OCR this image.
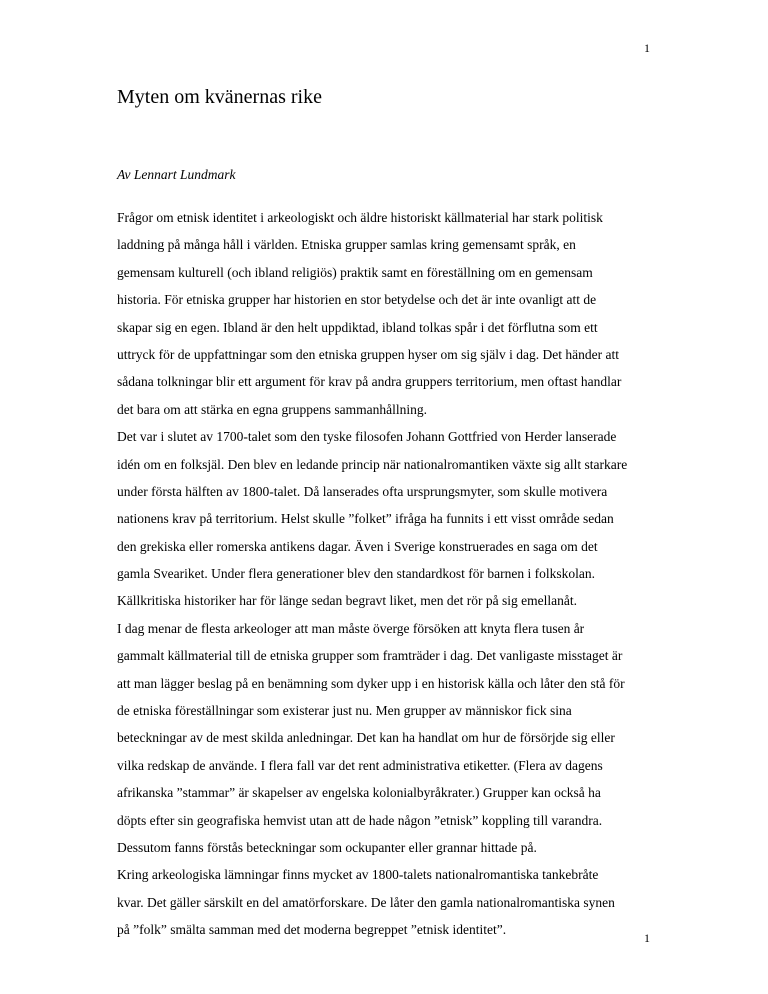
1
Myten om kvänernas rike

Av Lennart Lundmark

Frågor om etnisk identitet i arkeologiskt och äldre historiskt källmaterial har stark politisk
laddning på många håll i världen. Etniska grupper samlas kring gemensamt språk, en
gemensam kulturell (och ibland religiös) praktik samt en föreställning om en gemensam
historia. För etniska grupper har historien en stor betydelse och det är inte ovanligt att de
skapar sig en egen. Ibland är den helt uppdiktad, ibland tolkas spår i det förflutna som ett
uttryck för de uppfattningar som den etniska gruppen hyser om sig själv i dag. Det händer att
sådana tolkningar blir ett argument för krav på andra gruppers territorium, men oftast handlar
det bara om att stärka en egna gruppens sammanhållning.
Det var i slutet av 1700-talet som den tyske filosofen Johann Gottfried von Herder lanserade
idén om en folksjäl. Den blev en ledande princip när nationalromantiken växte sig allt starkare
under första hälften av 1800-talet. Då lanserades ofta ursprungsmyter, som skulle motivera
nationens krav på territorium. Helst skulle ”folket” ifråga ha funnits i ett visst område sedan
den grekiska eller romerska antikens dagar. Även i Sverige konstruerades en saga om det
gamla Sveariket. Under flera generationer blev den standardkost för barnen i folkskolan.
Källkritiska historiker har för länge sedan begravt liket, men det rör på sig emellanåt.
I dag menar de flesta arkeologer att man måste överge försöken att knyta flera tusen år
gammalt källmaterial till de etniska grupper som framträder i dag. Det vanligaste misstaget är
att man lägger beslag på en benämning som dyker upp i en historisk källa och låter den stå för
de etniska föreställningar som existerar just nu. Men grupper av människor fick sina
beteckningar av de mest skilda anledningar. Det kan ha handlat om hur de försörjde sig eller
vilka redskap de använde. I flera fall var det rent administrativa etiketter. (Flera av dagens
afrikanska ”stammar” är skapelser av engelska kolonialbyråkrater.) Grupper kan också ha
döpts efter sin geografiska hemvist utan att de hade någon ”etnisk” koppling till varandra.
Dessutom fanns förstås beteckningar som ockupanter eller grannar hittade på.
Kring arkeologiska lämningar finns mycket av 1800-talets nationalromantiska tankebråte
kvar. Det gäller särskilt en del amatörforskare. De låter den gamla nationalromantiska synen
på ”folk” smälta samman med det moderna begreppet ”etnisk identitet”.
1
